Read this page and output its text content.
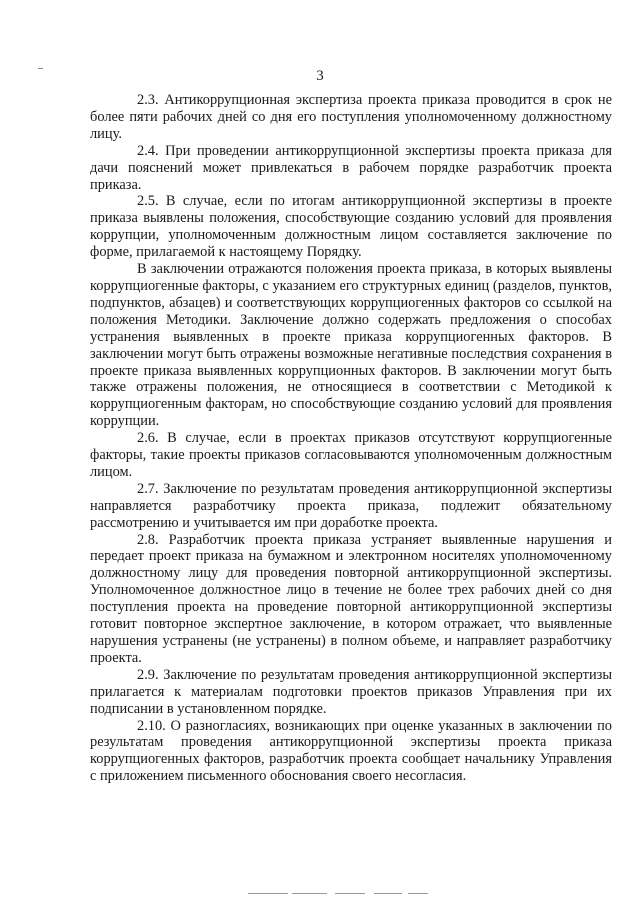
3

2.3. Антикоррупционная экспертиза проекта приказа проводится в срок не более пяти рабочих дней со дня его поступления уполномоченному должностному лицу.

2.4. При проведении антикоррупционной экспертизы проекта приказа для дачи пояснений может привлекаться в рабочем порядке разработчик проекта приказа.

2.5. В случае, если по итогам антикоррупционной экспертизы в проекте приказа выявлены положения, способствующие созданию условий для проявления коррупции, уполномоченным должностным лицом составляется заключение по форме, прилагаемой к настоящему Порядку.

В заключении отражаются положения проекта приказа, в которых выявлены коррупциогенные факторы, с указанием его структурных единиц (разделов, пунктов, подпунктов, абзацев) и соответствующих коррупциогенных факторов со ссылкой на положения Методики. Заключение должно содержать предложения о способах устранения выявленных в проекте приказа коррупциогенных факторов. В заключении могут быть отражены возможные негативные последствия сохранения в проекте приказа выявленных коррупционных факторов. В заключении могут быть также отражены положения, не относящиеся в соответствии с Методикой к коррупциогенным факторам, но способствующие созданию условий для проявления коррупции.

2.6. В случае, если в проектах приказов отсутствуют коррупциогенные факторы, такие проекты приказов согласовываются уполномоченным должностным лицом.

2.7. Заключение по результатам проведения антикоррупционной экспертизы направляется разработчику проекта приказа, подлежит обязательному рассмотрению и учитывается им при доработке проекта.

2.8. Разработчик проекта приказа устраняет выявленные нарушения и передает проект приказа на бумажном и электронном носителях уполномоченному должностному лицу для проведения повторной антикоррупционной экспертизы. Уполномоченное должностное лицо в течение не более трех рабочих дней со дня поступления проекта на проведение повторной антикоррупционной экспертизы готовит повторное экспертное заключение, в котором отражает, что выявленные нарушения устранены (не устранены) в полном объеме, и направляет разработчику проекта.

2.9. Заключение по результатам проведения антикоррупционной экспертизы прилагается к материалам подготовки проектов приказов Управления при их подписании в установленном порядке.

2.10. О разногласиях, возникающих при оценке указанных в заключении по результатам проведения антикоррупционной экспертизы проекта приказа коррупциогенных факторов, разработчик проекта сообщает начальнику Управления с приложением письменного обоснования своего несогласия.
